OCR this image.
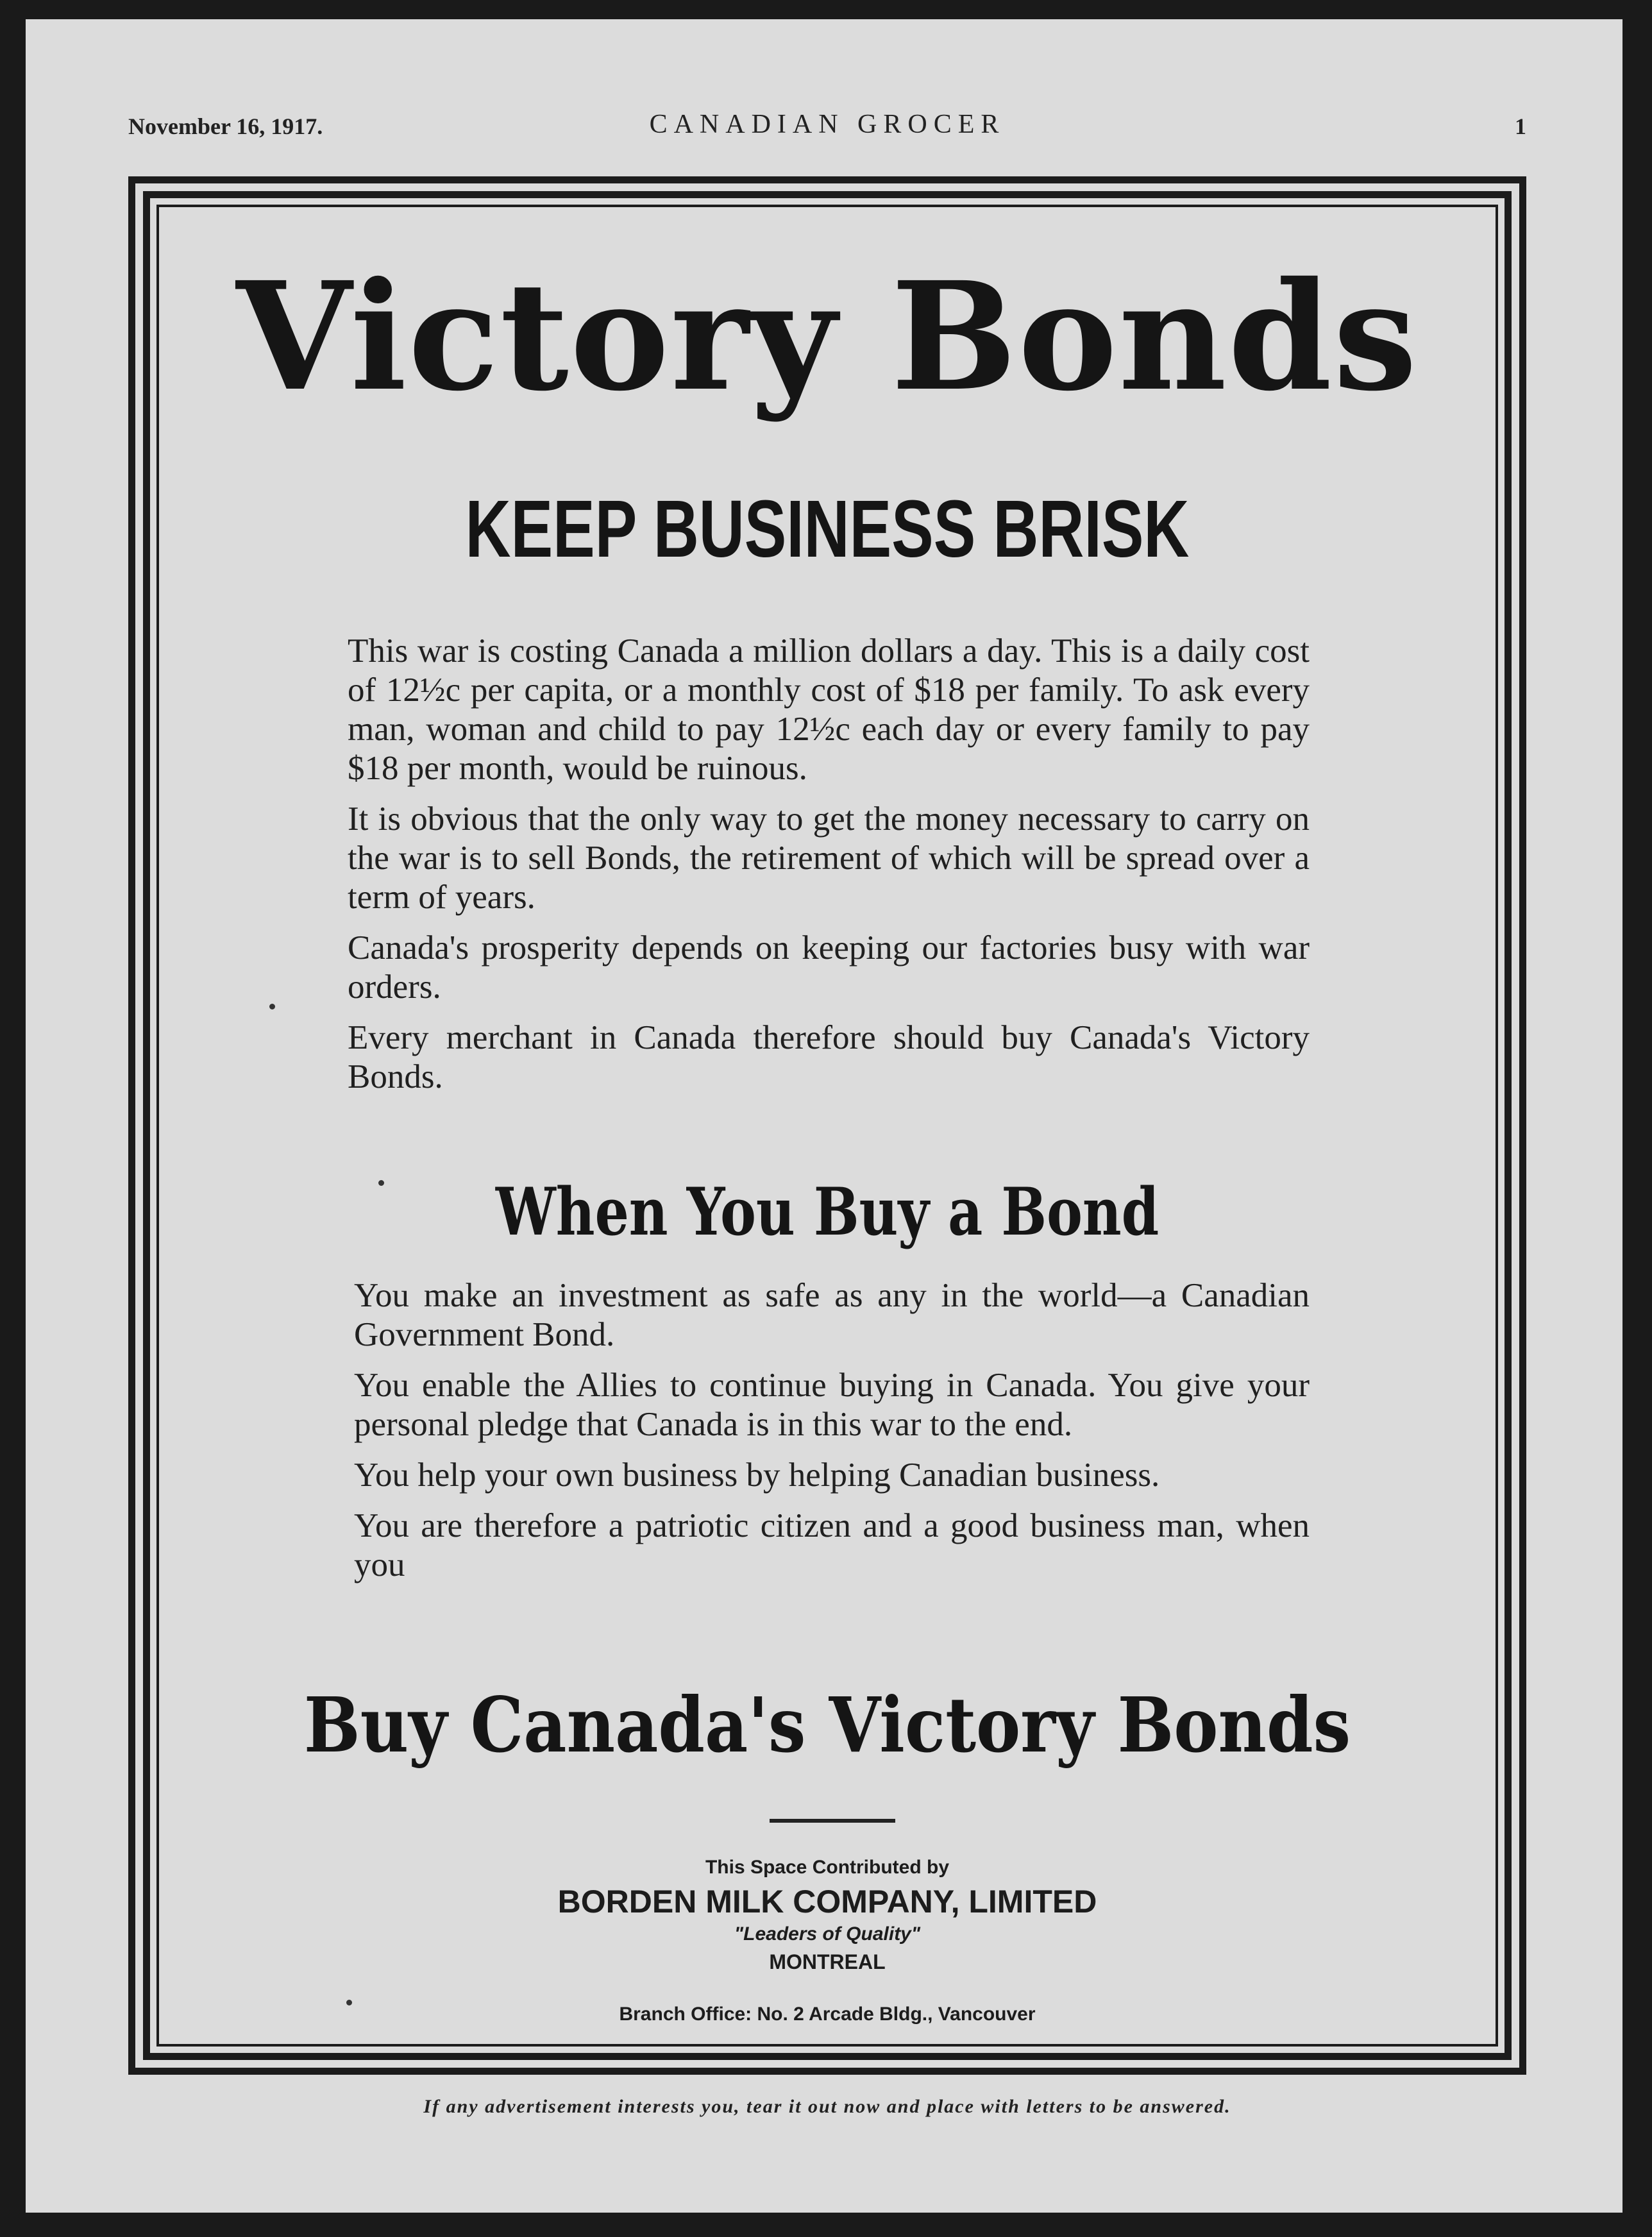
November 16, 1917.	CANADIAN GROCER	1
Victory Bonds
KEEP BUSINESS BRISK

This war is costing Canada a million dollars a day. This is a daily cost of 12½c per capita, or a monthly cost of $18 per family. To ask every man, woman and child to pay 12½c each day or every family to pay $18 per month, would be ruinous.

It is obvious that the only way to get the money necessary to carry on the war is to sell Bonds, the retirement of which will be spread over a term of years.

Canada's prosperity depends on keeping our factories busy with war orders.

Every merchant in Canada therefore should buy Canada's Victory Bonds.

When You Buy a Bond

You make an investment as safe as any in the world—a Canadian Government Bond.

You enable the Allies to continue buying in Canada. You give your personal pledge that Canada is in this war to the end.

You help your own business by helping Canadian business.

You are therefore a patriotic citizen and a good business man, when you

Buy Canada's Victory Bonds
This Space Contributed by
BORDEN MILK COMPANY, LIMITED
"Leaders of Quality"
MONTREAL
Branch Office: No. 2 Arcade Bldg., Vancouver
If any advertisement interests you, tear it out now and place with letters to be answered.
